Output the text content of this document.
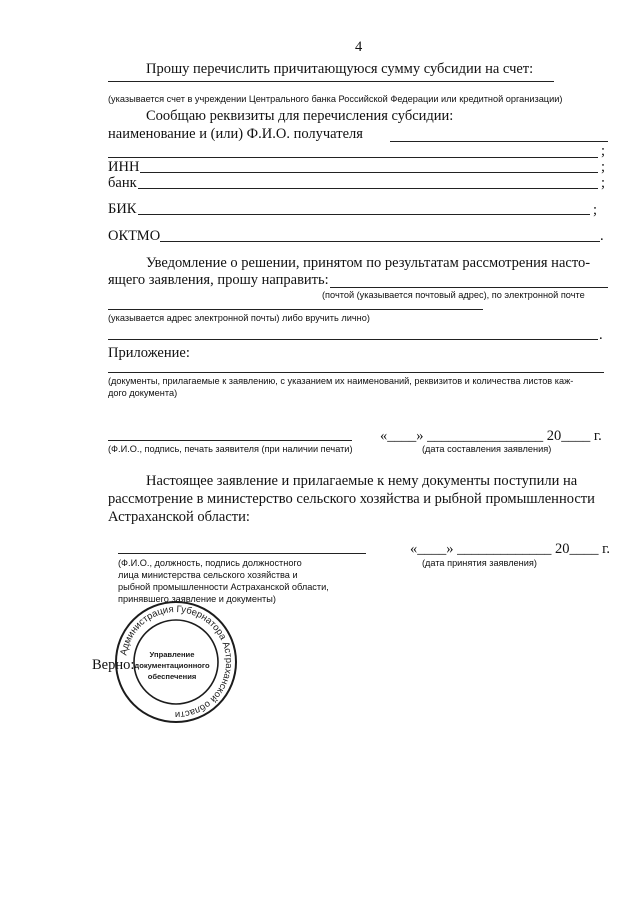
4
Прошу перечислить причитающуюся сумму субсидии на счет:
(указывается счет в учреждении Центрального банка Российской Федерации или кредитной организации)
Сообщаю реквизиты для перечисления субсидии:
наименование и (или) Ф.И.О. получателя
;
ИНН	;
банк	;
БИК	;
ОКТМО	.
Уведомление о решении, принятом по результатам рассмотрения насто-
ящего заявления, прошу направить:
(почтой (указывается почтовый адрес), по электронной почте
(указывается адрес электронной почты) либо вручить лично)
.
Приложение:
(документы, прилагаемые к заявлению, с указанием их наименований, реквизитов и количества листов каж-
дого документа)
«____» ________________ 20____ г.
(Ф.И.О., подпись, печать заявителя (при наличии печати)	(дата составления заявления)
Настоящее заявление и прилагаемые к нему документы поступили на
рассмотрение в министерство сельского хозяйства и рыбной промышленности
Астраханской области:
«____» _____________ 20____ г.
(Ф.И.О., должность, подпись должностного
лица министерства сельского хозяйства и
рыбной промышленности Астраханской области,
принявшего заявление и документы)
(дата принятия заявления)
Верно:
Администрация Губернатора Астраханской области
Управление
документационного
обеспечения
